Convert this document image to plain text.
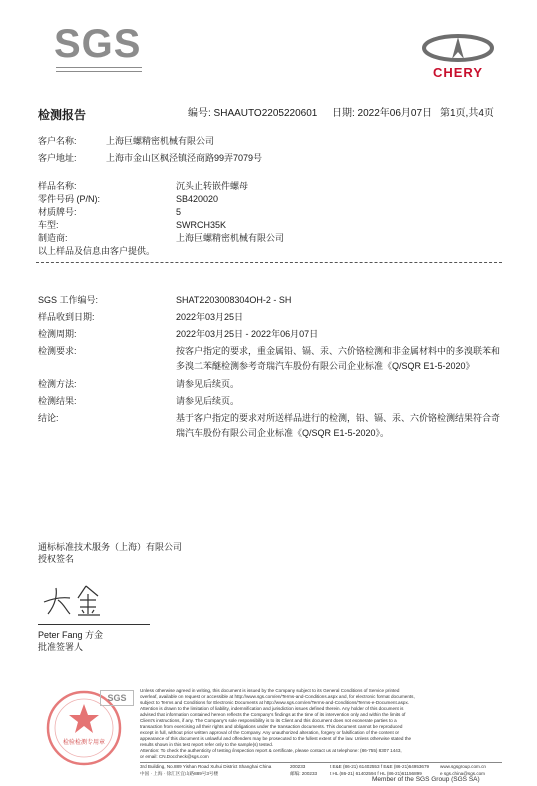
SGS
CHERY
检测报告	编号: SHAAUTO2205220601 日期: 2022年06月07日 第1页,共4页
客户名称:	上海巨螺精密机械有限公司
客户地址:	上海市金山区枫泾镇泾商路99弄7079号
样品名称:	沉头止转嵌件螺母
零件号码 (P/N):	SB420020
材质牌号:	5
车型:	SWRCH35K
制造商:	上海巨螺精密机械有限公司
以上样品及信息由客户提供。
SGS 工作编号:	SHAT2203008304OH-2 - SH
样品收到日期:	2022年03月25日
检测周期:	2022年03月25日 - 2022年06月07日
检测要求:	按客户指定的要求，重金属铅、镉、汞、六价铬检测和非金属材料中的多溴联苯和
多溴二苯醚检测参考奇瑞汽车股份有限公司企业标准《Q/SQR E1-5-2020》
检测方法:	请参见后续页。
检测结果:	请参见后续页。
结论:	基于客户指定的要求对所送样品进行的检测，铅、镉、汞、六价铬检测结果符合奇
瑞汽车股份有限公司企业标准《Q/SQR E1-5-2020》。
通标标准技术服务（上海）有限公司
授权签名
Peter Fang 方金
批准签署人
检验检测专用章
SGS
Unless otherwise agreed in writing, this document is issued by the Company subject to its General Conditions of Service printed
overleaf, available on request or accessible at http://www.sgs.com/en/Terms-and-Conditions.aspx and, for electronic format documents,
subject to Terms and Conditions for Electronic Documents at http://www.sgs.com/en/Terms-and-Conditions/Terms-e-Document.aspx.
Attention is drawn to the limitation of liability, indemnification and jurisdiction issues defined therein. Any holder of this document is
advised that information contained hereon reflects the Company's findings at the time of its intervention only and within the limits of
Client's instructions, if any. The Company's sole responsibility is to its Client and this document does not exonerate parties to a
transaction from exercising all their rights and obligations under the transaction documents. This document cannot be reproduced
except in full, without prior written approval of the Company. Any unauthorized alteration, forgery or falsification of the content or
appearance of this document is unlawful and offenders may be prosecuted to the fullest extent of the law. Unless otherwise stated the
results shown in this test report refer only to the sample(s) tested.
Attention: To check the authenticity of testing /inspection report & certificate, please contact us at telephone: (86-755) 8307 1443,
or email: CN.Doccheck@sgs.com
3rd Building, No.889 Yishan Road Xuhui District Shanghai China	200233	t E&E (86-21) 61402553 f E&E (86-21)64953679 www.sgsgroup.com.cn
中国 · 上海 · 徐汇区宜山路889号3号楼	邮编: 200233	t HL (86-21) 61402594 f HL (86-21)61156899	e sgs.china@sgs.com
Member of the SGS Group (SGS SA)
